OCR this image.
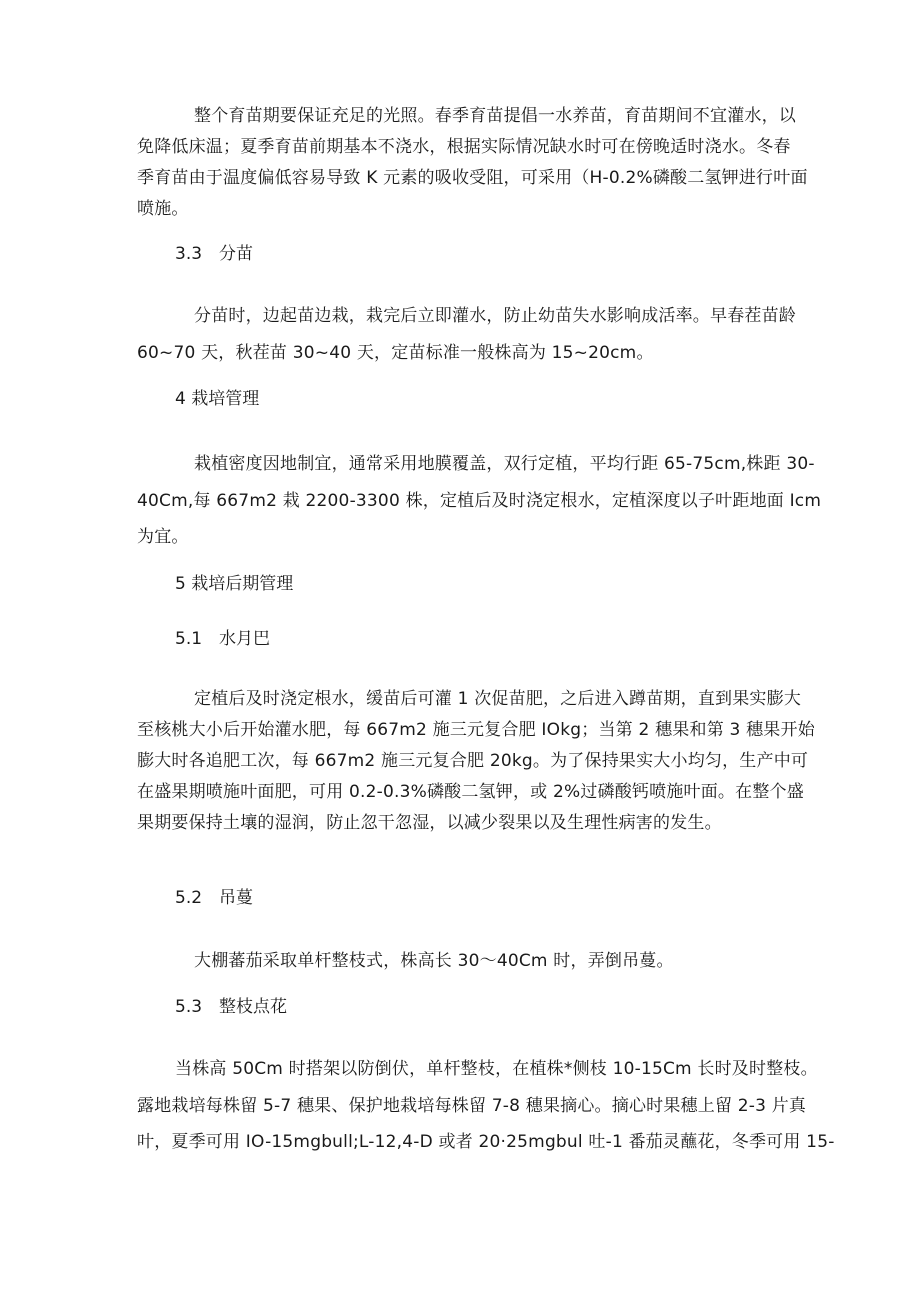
整个育苗期要保证充足的光照。春季育苗提倡一水养苗，育苗期间不宜灌水，以
免降低床温；夏季育苗前期基本不浇水，根据实际情况缺水时可在傍晚适时浇水。冬春
季育苗由于温度偏低容易导致 K 元素的吸收受阻，可采用（H-0.2%磷酸二氢钾进行叶面
喷施。
3.3　分苗
分苗时，边起苗边栽，栽完后立即灌水，防止幼苗失水影响成活率。早春茬苗龄
60~70 天，秋茬苗 30~40 天，定苗标准一般株高为 15~20cm。
4 栽培管理
栽植密度因地制宜，通常采用地膜覆盖，双行定植，平均行距 65-75cm,株距 30-
40Cm,每 667m2 栽 2200-3300 株，定植后及时浇定根水，定植深度以子叶距地面 Icm
为宜。
5 栽培后期管理
5.1　水月巴
定植后及时浇定根水，缓苗后可灌 1 次促苗肥，之后进入蹲苗期，直到果实膨大
至核桃大小后开始灌水肥，每 667m2 施三元复合肥 IOkg；当第 2 穗果和第 3 穗果开始
膨大时各追肥工次，每 667m2 施三元复合肥 20kg。为了保持果实大小均匀，生产中可
在盛果期喷施叶面肥，可用 0.2-0.3%磷酸二氢钾，或 2%过磷酸钙喷施叶面。在整个盛
果期要保持土壤的湿润，防止忽干忽湿，以减少裂果以及生理性病害的发生。
5.2　吊蔓
大棚蕃茄采取单杆整枝式，株高长 30～40Cm 时，弄倒吊蔓。
5.3　整枝点花
当株高 50Cm 时搭架以防倒伏，单杆整枝，在植株*侧枝 10-15Cm 长时及时整枝。
露地栽培每株留 5-7 穗果、保护地栽培每株留 7-8 穗果摘心。摘心时果穗上留 2-3 片真
叶，夏季可用 IO-15mgbull;L-12,4-D 或者 20·25mgbul 吐-1 番茄灵蘸花，冬季可用 15-
